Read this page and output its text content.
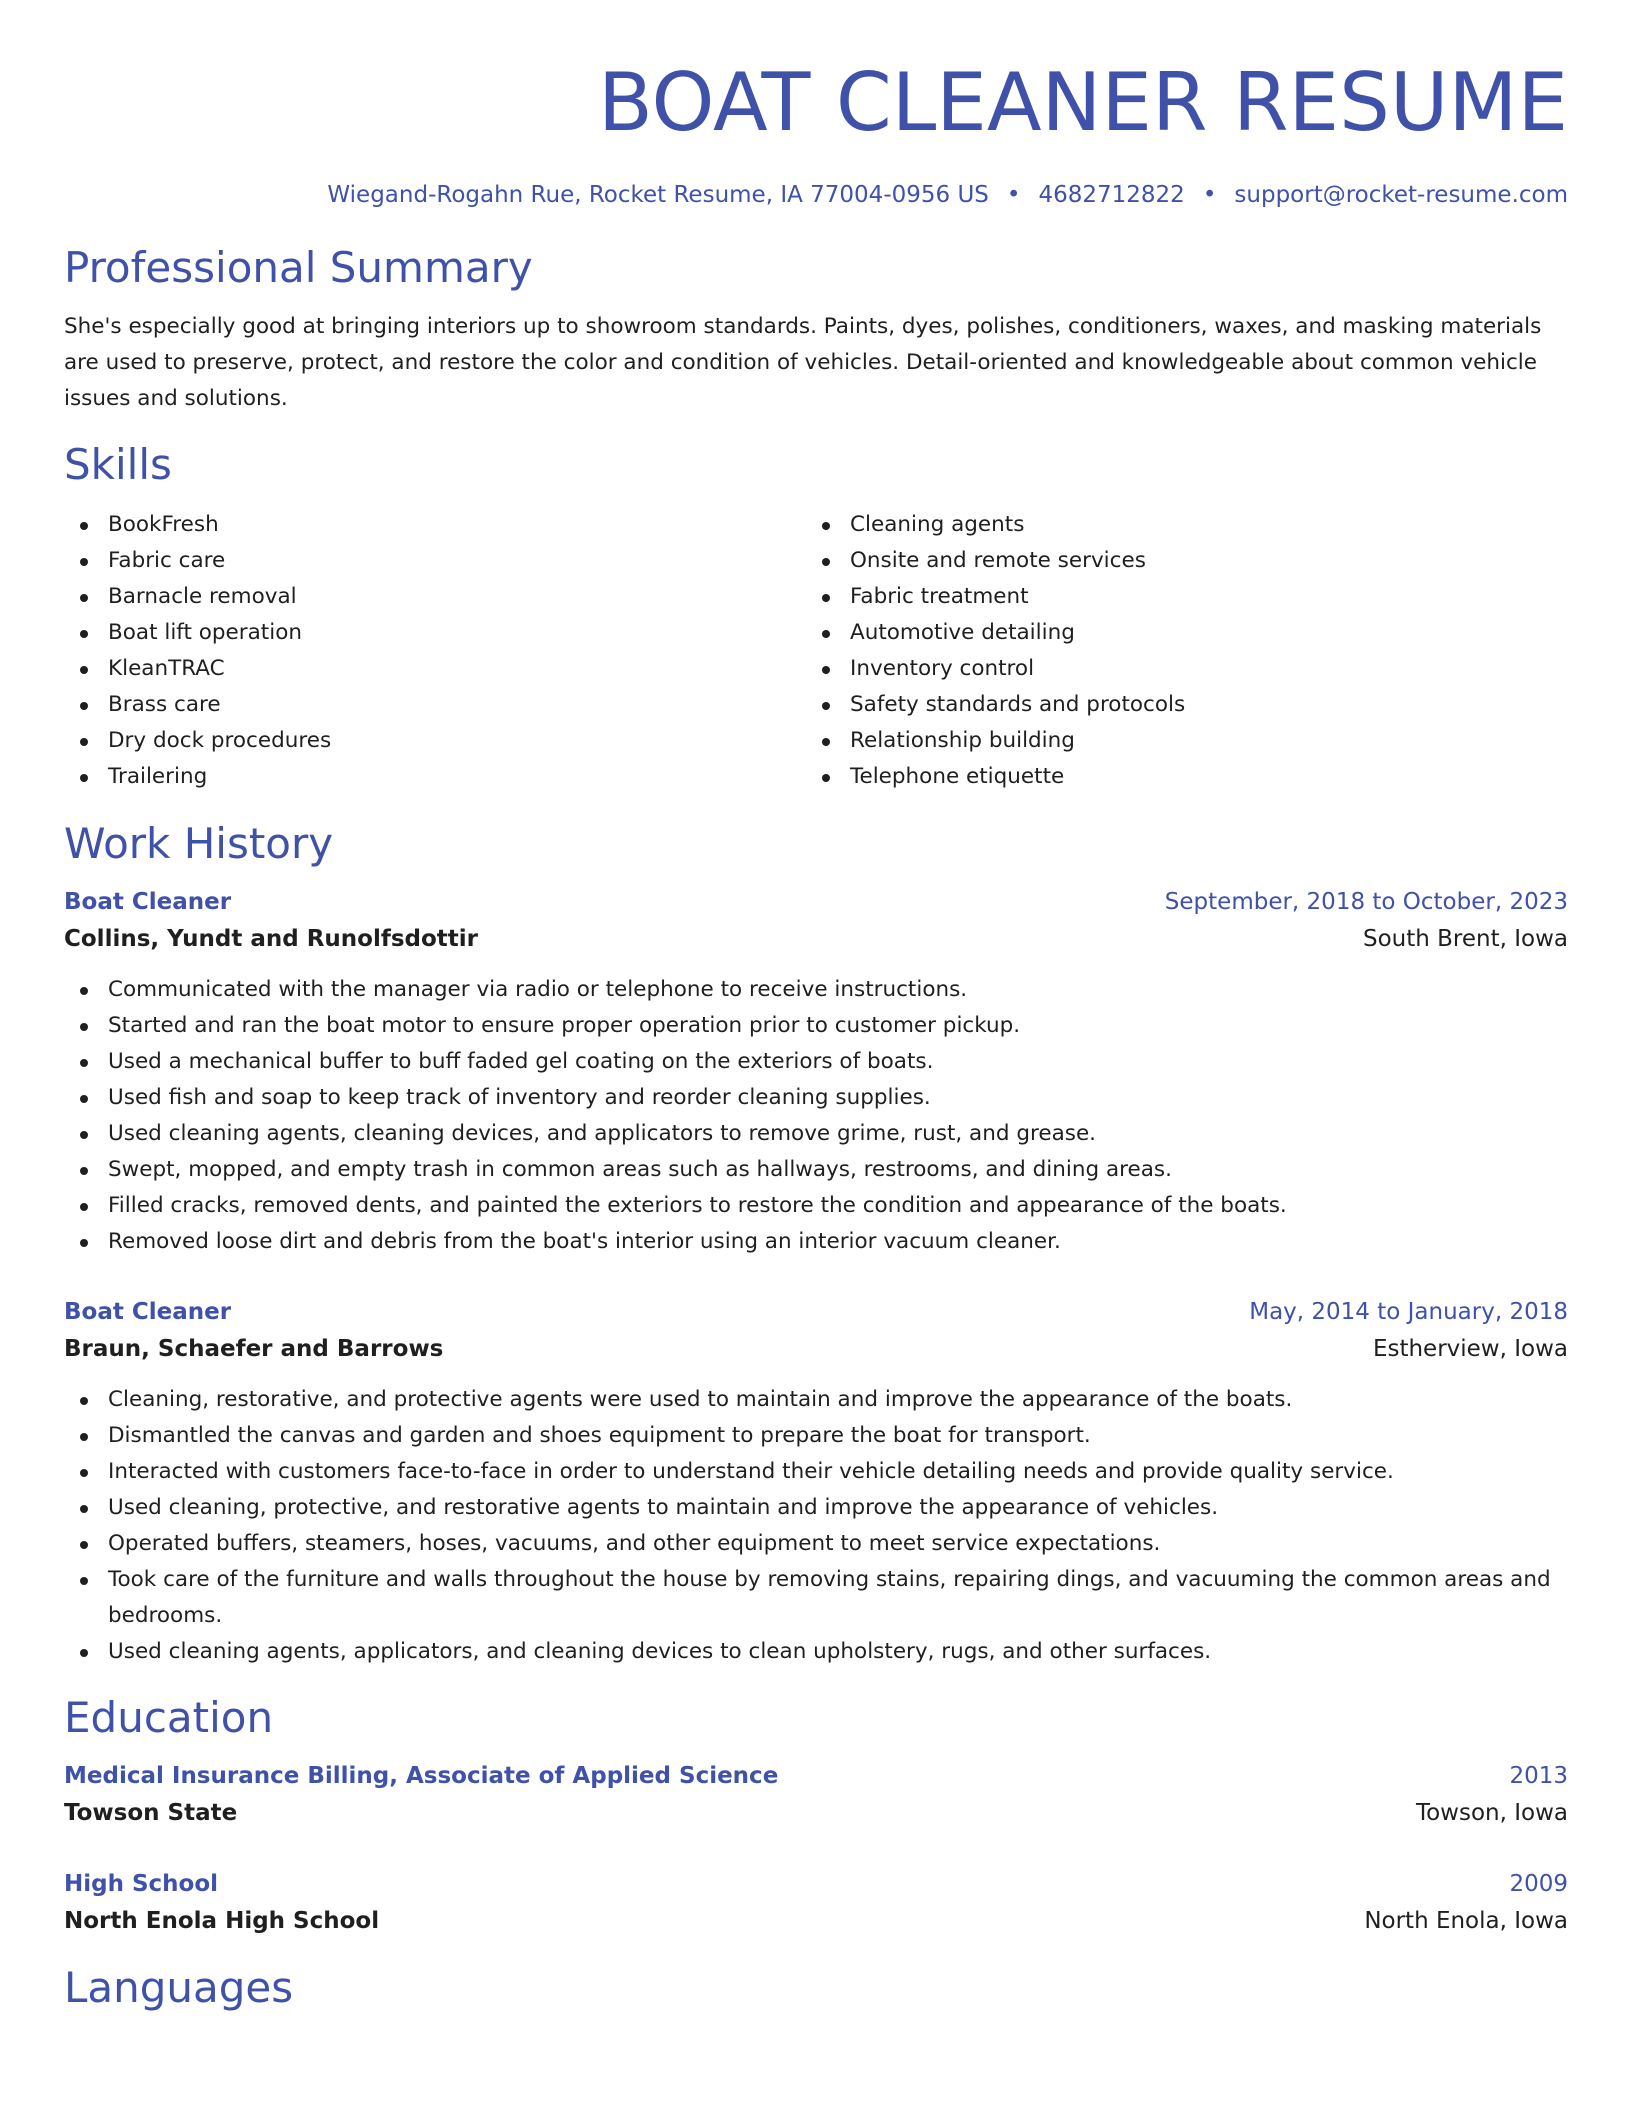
BOAT CLEANER RESUME
Wiegand-Rogahn Rue, Rocket Resume, IA 77004-0956 US • 4682712822 • support@rocket-resume.com
Professional Summary

She's especially good at bringing interiors up to showroom standards. Paints, dyes, polishes, conditioners, waxes, and masking materials are used to preserve, protect, and restore the color and condition of vehicles. Detail-oriented and knowledgeable about common vehicle issues and solutions.

Skills
BookFresh
Fabric care
Barnacle removal
Boat lift operation
KleanTRAC
Brass care
Dry dock procedures
Trailering
Cleaning agents
Onsite and remote services
Fabric treatment
Automotive detailing
Inventory control
Safety standards and protocols
Relationship building
Telephone etiquette
Work History
Boat Cleaner	September, 2018 to October, 2023
Collins, Yundt and Runolfsdottir	South Brent, Iowa
Communicated with the manager via radio or telephone to receive instructions.
Started and ran the boat motor to ensure proper operation prior to customer pickup.
Used a mechanical buffer to buff faded gel coating on the exteriors of boats.
Used fish and soap to keep track of inventory and reorder cleaning supplies.
Used cleaning agents, cleaning devices, and applicators to remove grime, rust, and grease.
Swept, mopped, and empty trash in common areas such as hallways, restrooms, and dining areas.
Filled cracks, removed dents, and painted the exteriors to restore the condition and appearance of the boats.
Removed loose dirt and debris from the boat's interior using an interior vacuum cleaner.
Boat Cleaner	May, 2014 to January, 2018
Braun, Schaefer and Barrows	Estherview, Iowa
Cleaning, restorative, and protective agents were used to maintain and improve the appearance of the boats.
Dismantled the canvas and garden and shoes equipment to prepare the boat for transport.
Interacted with customers face-to-face in order to understand their vehicle detailing needs and provide quality service.
Used cleaning, protective, and restorative agents to maintain and improve the appearance of vehicles.
Operated buffers, steamers, hoses, vacuums, and other equipment to meet service expectations.
Took care of the furniture and walls throughout the house by removing stains, repairing dings, and vacuuming the common areas and bedrooms.
Used cleaning agents, applicators, and cleaning devices to clean upholstery, rugs, and other surfaces.
Education
Medical Insurance Billing, Associate of Applied Science	2013
Towson State	Towson, Iowa
High School	2009
North Enola High School	North Enola, Iowa
Languages
